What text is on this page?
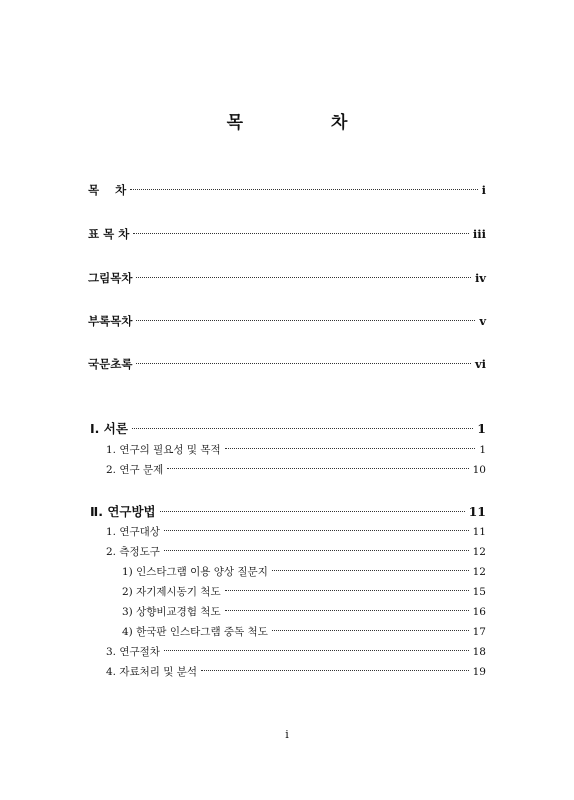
목	차
목    차	i
표 목 차	iii
그림목차	iv
부록목차	v
국문초록	vi
Ⅰ. 서론	1
1. 연구의 필요성 및 목적	1
2. 연구 문제	10
Ⅱ. 연구방법	11
1. 연구대상	11
2. 측정도구	12
1) 인스타그램 이용 양상 질문지	12
2) 자기제시동기 척도	15
3) 상향비교경험 척도	16
4) 한국판 인스타그램 중독 척도	17
3. 연구절차	18
4. 자료처리 및 분석	19
i
